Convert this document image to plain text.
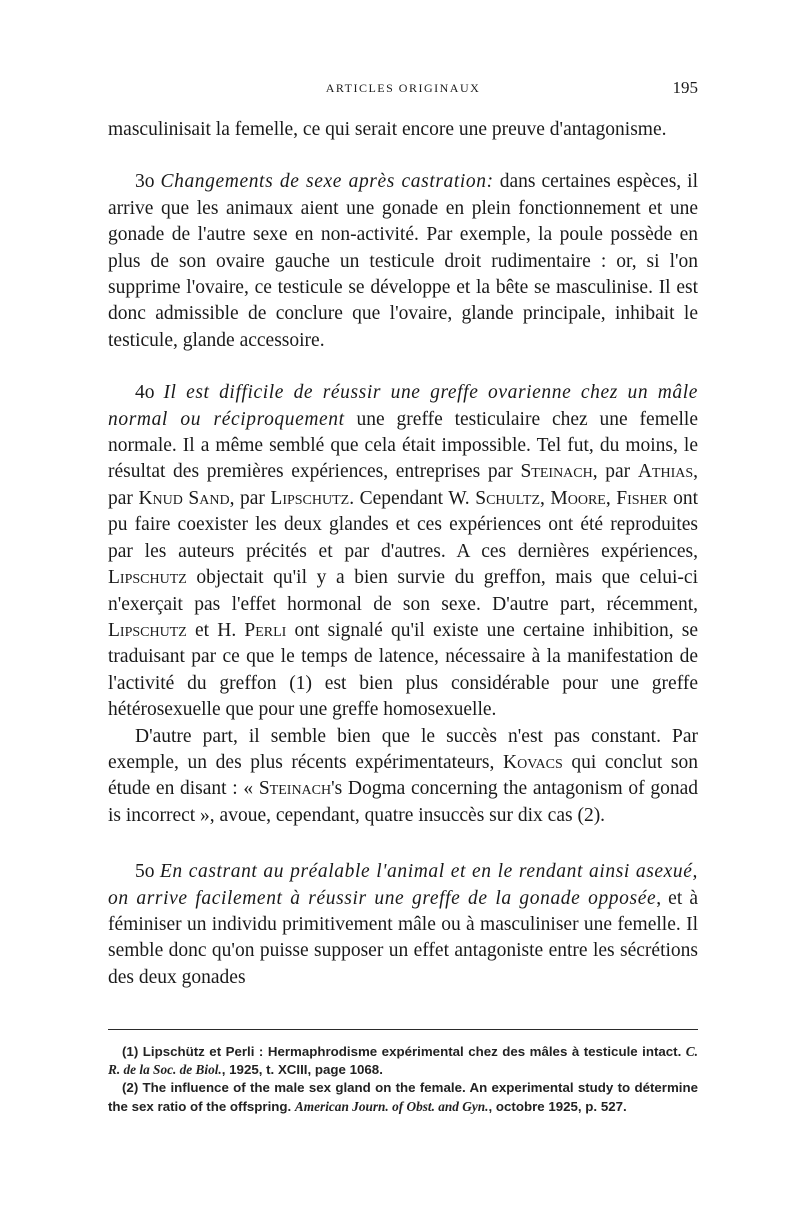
ARTICLES ORIGINAUX	195

masculinisait la femelle, ce qui serait encore une preuve d'antagonisme.

3o Changements de sexe après castration: dans certaines espèces, il arrive que les animaux aient une gonade en plein fonctionnement et une gonade de l'autre sexe en non-activité. Par exemple, la poule possède en plus de son ovaire gauche un testicule droit rudimentaire : or, si l'on supprime l'ovaire, ce testicule se développe et la bête se masculinise. Il est donc admissible de conclure que l'ovaire, glande principale, inhibait le testicule, glande accessoire.

4o Il est difficile de réussir une greffe ovarienne chez un mâle normal ou réciproquement une greffe testiculaire chez une femelle normale. Il a même semblé que cela était impossible. Tel fut, du moins, le résultat des premières expériences, entreprises par Steinach, par Athias, par Knud Sand, par Lipschutz. Cependant W. Schultz, Moore, Fisher ont pu faire coexister les deux glandes et ces expériences ont été reproduites par les auteurs précités et par d'autres. A ces dernières expériences, Lipschutz objectait qu'il y a bien survie du greffon, mais que celui-ci n'exerçait pas l'effet hormonal de son sexe. D'autre part, récemment, Lipschutz et H. Perli ont signalé qu'il existe une certaine inhibition, se traduisant par ce que le temps de latence, nécessaire à la manifestation de l'activité du greffon (1) est bien plus considérable pour une greffe hétérosexuelle que pour une greffe homosexuelle.

D'autre part, il semble bien que le succès n'est pas constant. Par exemple, un des plus récents expérimentateurs, Kovacs qui conclut son étude en disant : « Steinach's Dogma concerning the antagonism of gonad is incorrect », avoue, cependant, quatre insuccès sur dix cas (2).

5o En castrant au préalable l'animal et en le rendant ainsi asexué, on arrive facilement à réussir une greffe de la gonade opposée, et à féminiser un individu primitivement mâle ou à masculiniser une femelle. Il semble donc qu'on puisse supposer un effet antagoniste entre les sécrétions des deux gonades

(1) Lipschütz et Perli : Hermaphrodisme expérimental chez des mâles à testicule intact. C. R. de la Soc. de Biol., 1925, t. XCIII, page 1068.

(2) The influence of the male sex gland on the female. An experimental study to détermine the sex ratio of the offspring. American Journ. of Obst. and Gyn., octobre 1925, p. 527.
